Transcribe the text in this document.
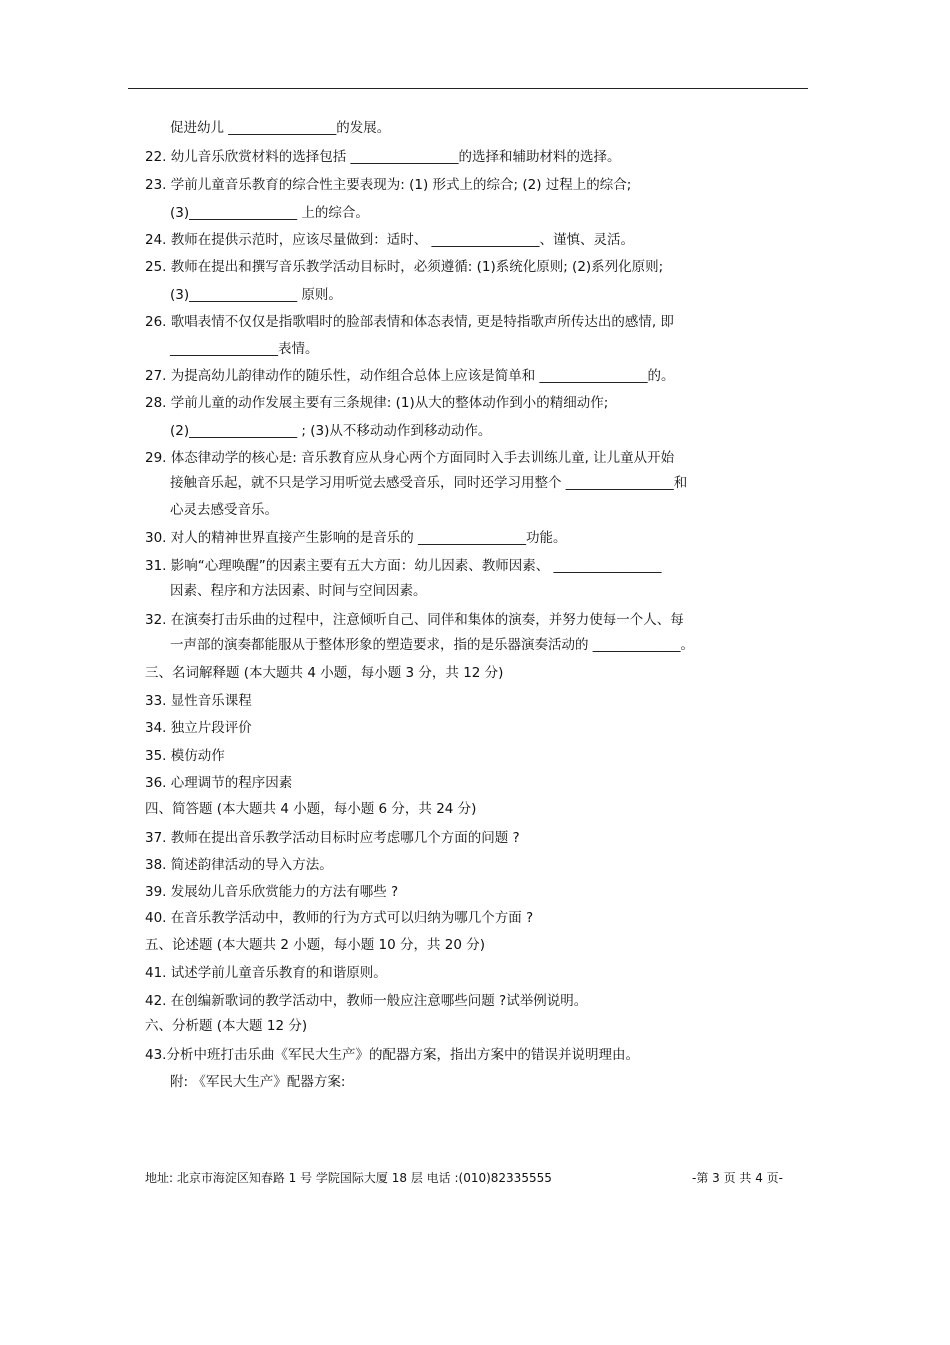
促进幼儿 ________________的发展。
22. 幼儿音乐欣赏材料的选择包括 ________________的选择和辅助材料的选择。
23. 学前儿童音乐教育的综合性主要表现为: (1) 形式上的综合; (2) 过程上的综合;
(3)________________ 上的综合。
24. 教师在提供示范时，应该尽量做到：适时、 ________________、谨慎、灵活。
25. 教师在提出和撰写音乐教学活动目标时，必须遵循: (1)系统化原则; (2)系列化原则;
(3)________________ 原则。
26. 歌唱表情不仅仅是指歌唱时的脸部表情和体态表情, 更是特指歌声所传达出的感情, 即
________________表情。
27. 为提高幼儿韵律动作的随乐性，动作组合总体上应该是简单和 ________________的。
28. 学前儿童的动作发展主要有三条规律: (1)从大的整体动作到小的精细动作;
(2)________________ ; (3)从不移动动作到移动动作。
29. 体态律动学的核心是: 音乐教育应从身心两个方面同时入手去训练儿童, 让儿童从开始
接触音乐起，就不只是学习用听觉去感受音乐，同时还学习用整个 ________________和
心灵去感受音乐。
30. 对人的精神世界直接产生影响的是音乐的 ________________功能。
31. 影响“心理唤醒”的因素主要有五大方面：幼儿因素、教师因素、 ________________
因素、程序和方法因素、时间与空间因素。
32. 在演奏打击乐曲的过程中，注意倾听自己、同伴和集体的演奏，并努力使每一个人、每
一声部的演奏都能服从于整体形象的塑造要求，指的是乐器演奏活动的 _____________。
三、名词解释题 (本大题共 4 小题，每小题 3 分，共 12 分)
33. 显性音乐课程
34. 独立片段评价
35. 模仿动作
36. 心理调节的程序因素
四、简答题 (本大题共 4 小题，每小题 6 分，共 24 分)
37. 教师在提出音乐教学活动目标时应考虑哪几个方面的问题 ?
38. 简述韵律活动的导入方法。
39. 发展幼儿音乐欣赏能力的方法有哪些 ?
40. 在音乐教学活动中，教师的行为方式可以归纳为哪几个方面 ?
五、论述题 (本大题共 2 小题，每小题 10 分，共 20 分)
41. 试述学前儿童音乐教育的和谐原则。
42. 在创编新歌词的教学活动中，教师一般应注意哪些问题 ?试举例说明。
六、分析题 (本大题 12 分)
43.分析中班打击乐曲《军民大生产》的配器方案，指出方案中的错误并说明理由。
附: 《军民大生产》配器方案:
地址: 北京市海淀区知春路 1 号 学院国际大厦 18 层 电话 :(010)82335555	-第 3 页 共 4 页-
